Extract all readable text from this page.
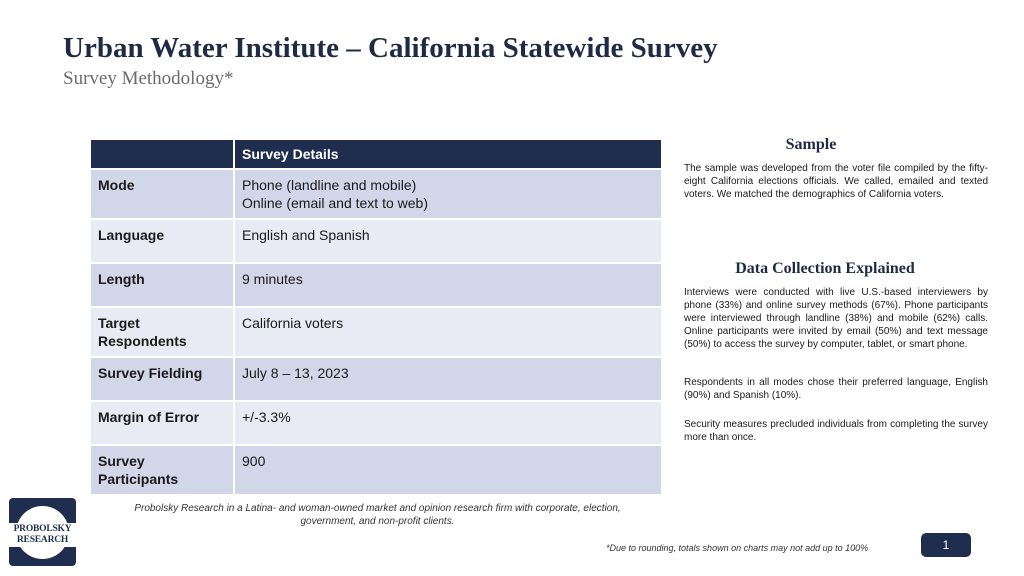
Urban Water Institute – California Statewide Survey
Survey Methodology*
	Survey Details
Mode	Phone (landline and mobile)
Online (email and text to web)

Language	English and Spanish
Length	9 minutes

Target
Respondents	California voters
Survey Fielding	July 8 – 13, 2023
Margin of Error	+/-3.3%

Survey
Participants	900
Sample

The sample was developed from the voter file compiled by the fifty-eight California elections officials. We called, emailed and texted voters. We matched the demographics of California voters.

Data Collection Explained

Interviews were conducted with live U.S.-based interviewers by phone (33%) and online survey methods (67%). Phone participants were interviewed through landline (38%) and mobile (62%) calls. Online participants were invited by email (50%) and text message (50%) to access the survey by computer, tablet, or smart phone.

Respondents in all modes chose their preferred language, English (90%) and Spanish (10%).

Security measures precluded individuals from completing the survey more than once.

PROBOLSKY
RESEARCH
Probolsky Research in a Latina- and woman-owned market and opinion research firm with corporate, election, government, and non-profit clients.
*Due to rounding, totals shown on charts may not add up to 100%	1
